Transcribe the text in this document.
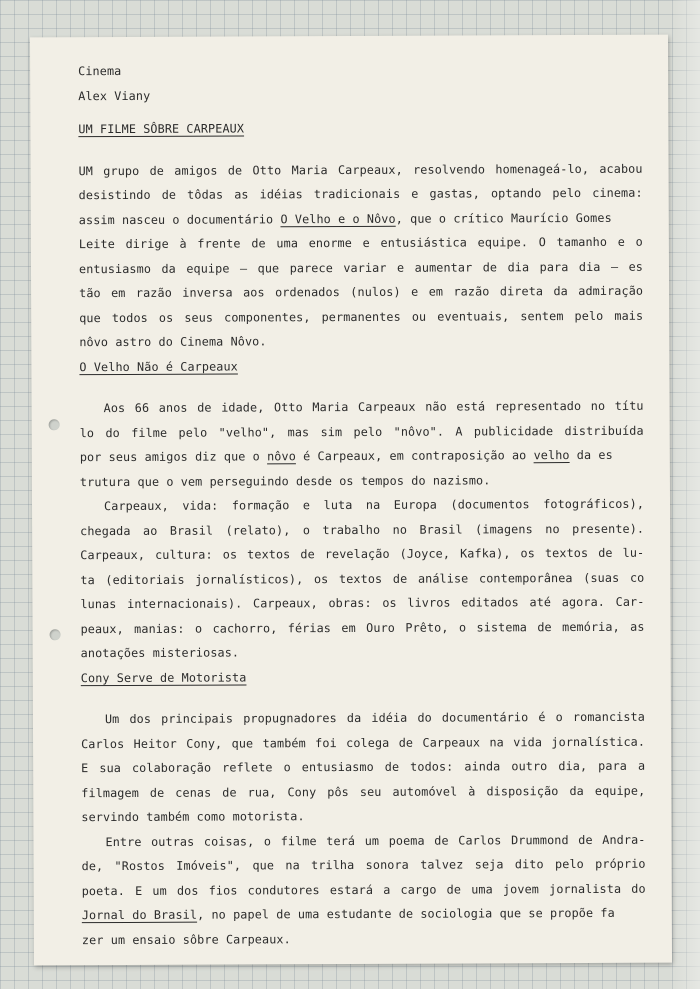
Cinema
Alex Viany
UM FILME SÔBRE CARPEAUX
UM grupo de amigos de Otto Maria Carpeaux, resolvendo homenageá-lo, acabou
desistindo de tôdas as idéias tradicionais e gastas, optando pelo cinema:
assim nasceu o documentário O Velho e o Nôvo, que o crítico Maurício Gomes
Leite dirige à frente de uma enorme e entusiástica equipe. O tamanho e o
entusiasmo da equipe — que parece variar e aumentar de dia para dia — es
tão em razão inversa aos ordenados (nulos) e em razão direta da admiração
que todos os seus componentes, permanentes ou eventuais, sentem pelo mais
nôvo astro do Cinema Nôvo.
O Velho Não é Carpeaux
Aos 66 anos de idade, Otto Maria Carpeaux não está representado no títu
lo do filme pelo "velho", mas sim pelo "nôvo". A publicidade distribuída
por seus amigos diz que o nôvo é Carpeaux, em contraposição ao velho da es
trutura que o vem perseguindo desde os tempos do nazismo.
Carpeaux, vida: formação e luta na Europa (documentos fotográficos),
chegada ao Brasil (relato), o trabalho no Brasil (imagens no presente).
Carpeaux, cultura: os textos de revelação (Joyce, Kafka), os textos de lu-
ta (editoriais jornalísticos), os textos de análise contemporânea (suas co
lunas internacionais). Carpeaux, obras: os livros editados até agora. Car-
peaux, manias: o cachorro, férias em Ouro Prêto, o sistema de memória, as
anotações misteriosas.
Cony Serve de Motorista
Um dos principais propugnadores da idéia do documentário é o romancista
Carlos Heitor Cony, que também foi colega de Carpeaux na vida jornalística.
E sua colaboração reflete o entusiasmo de todos: ainda outro dia, para a
filmagem de cenas de rua, Cony pôs seu automóvel à disposição da equipe,
servindo também como motorista.
Entre outras coisas, o filme terá um poema de Carlos Drummond de Andra-
de, "Rostos Imóveis", que na trilha sonora talvez seja dito pelo próprio
poeta. E um dos fios condutores estará a cargo de uma jovem jornalista do
Jornal do Brasil, no papel de uma estudante de sociologia que se propõe fa
zer um ensaio sôbre Carpeaux.
